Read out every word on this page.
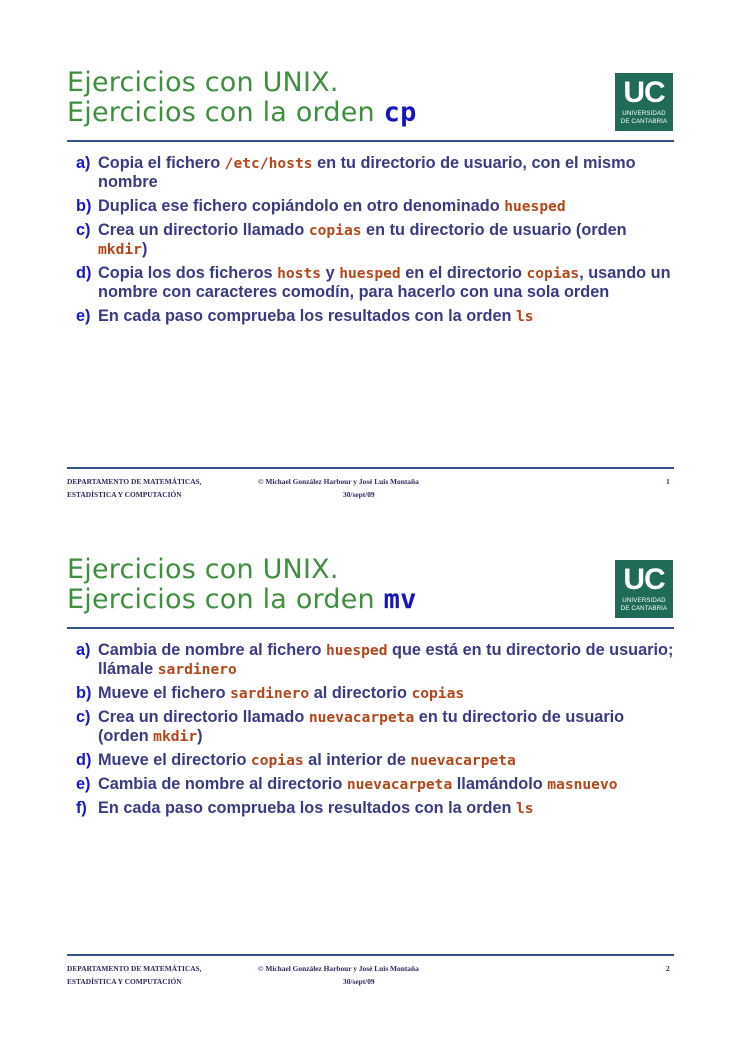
Ejercicios con UNIX.
Ejercicios con la orden cp
UC
UNIVERSIDAD
DE CANTABRIA
a) Copia el fichero /etc/hosts en tu directorio de usuario, con el mismo nombre
b) Duplica ese fichero copiándolo en otro denominado huesped
c) Crea un directorio llamado copias en tu directorio de usuario (orden mkdir)
d) Copia los dos ficheros hosts y huesped en el directorio copias, usando un nombre con caracteres comodín, para hacerlo con una sola orden
e) En cada paso comprueba los resultados con la orden ls
DEPARTAMENTO DE MATEMÁTICAS,
ESTADÍSTICA Y COMPUTACIÓN
© Michael González Harbour y José Luis Montaña
30/sept/09
1
Ejercicios con UNIX.
Ejercicios con la orden mv
UC
UNIVERSIDAD
DE CANTABRIA
a) Cambia de nombre al fichero huesped que está en tu directorio de usuario; llámale sardinero
b) Mueve el fichero sardinero al directorio copias
c) Crea un directorio llamado nuevacarpeta en tu directorio de usuario (orden mkdir)
d) Mueve el directorio copias al interior de nuevacarpeta
e) Cambia de nombre al directorio nuevacarpeta llamándolo masnuevo
f) En cada paso comprueba los resultados con la orden ls
DEPARTAMENTO DE MATEMÁTICAS,
ESTADÍSTICA Y COMPUTACIÓN
© Michael González Harbour y José Luis Montaña
30/sept/09
2
